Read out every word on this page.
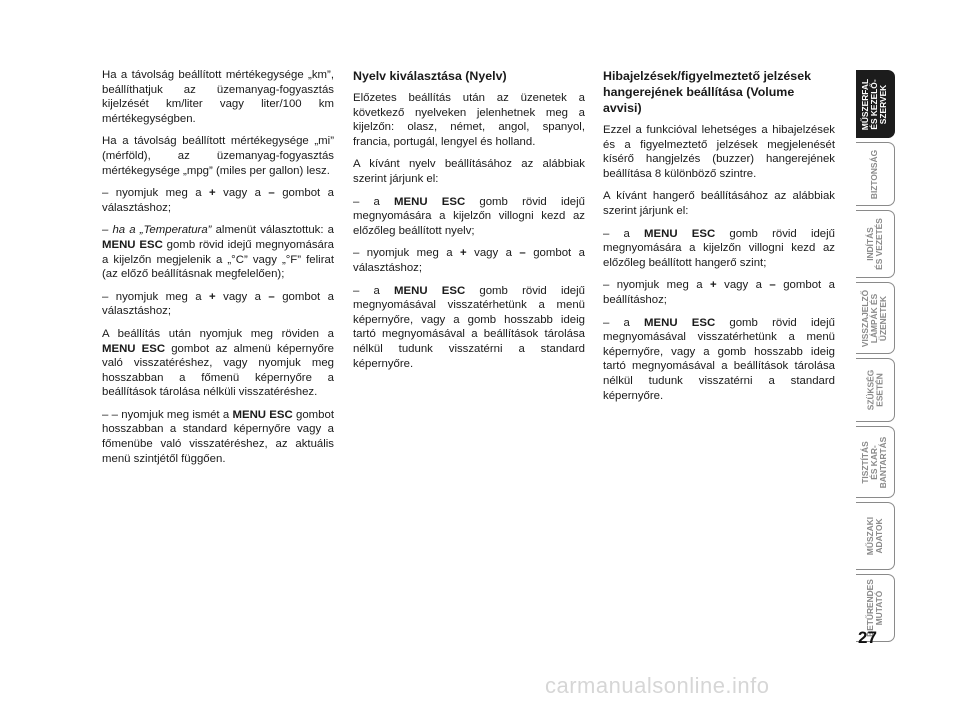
Ha a távolság beállított mértékegysége „km”, beállíthatjuk az üzemanyag-fogyasztás kijelzését km/liter vagy liter/100 km mértékegységben.

Ha a távolság beállított mértékegysége „mi” (mérföld), az üzemanyag-fogyasztás mértékegysége „mpg” (miles per gallon) lesz.

– nyomjuk meg a + vagy a – gombot a választáshoz;

– ha a „Temperatura” almenüt választottuk: a MENU ESC gomb rövid idejű megnyomására a kijelzőn megjelenik a „°C” vagy „°F” felirat (az előző beállításnak megfelelően);

– nyomjuk meg a + vagy a – gombot a választáshoz;

A beállítás után nyomjuk meg röviden a MENU ESC gombot az almenü képernyőre való visszatéréshez, vagy nyomjuk meg hosszabban a főmenü képernyőre a beállítások tárolása nélküli visszatéréshez.

– – nyomjuk meg ismét a MENU ESC gombot hosszabban a standard képernyőre vagy a főmenübe való visszatéréshez, az aktuális menü szintjétől függően.

Nyelv kiválasztása (Nyelv)

Előzetes beállítás után az üzenetek a következő nyelveken jelenhetnek meg a kijelzőn: olasz, német, angol, spanyol, francia, portugál, lengyel és holland.

A kívánt nyelv beállításához az alábbiak szerint járjunk el:

– a MENU ESC gomb rövid idejű megnyomására a kijelzőn villogni kezd az előzőleg beállított nyelv;

– nyomjuk meg a + vagy a – gombot a választáshoz;

– a MENU ESC gomb rövid idejű megnyomásával visszatérhetünk a menü képernyőre, vagy a gomb hosszabb ideig tartó megnyomásával a beállítások tárolása nélkül tudunk visszatérni a standard képernyőre.

Hibajelzések/figyelmeztető jelzések hangerejének beállítása (Volume avvisi)

Ezzel a funkcióval lehetséges a hibajelzések és a figyelmeztető jelzések megjelenését kísérő hangjelzés (buzzer) hangerejének beállítása 8 különböző szintre.

A kívánt hangerő beállításához az alábbiak szerint járjunk el:

– a MENU ESC gomb rövid idejű megnyomására a kijelzőn villogni kezd az előzőleg beállított hangerő szint;

– nyomjuk meg a + vagy a – gombot a beállításhoz;

– a MENU ESC gomb rövid idejű megnyomásával visszatérhetünk a menü képernyőre, vagy a gomb hosszabb ideig tartó megnyomásával a beállítások tárolása nélkül tudunk visszatérni a standard képernyőre.

MŰSZERFAL
ÉS KEZELŐ-
SZERVEK
BIZTONSÁG
INDÍTÁS
ÉS VEZETÉS
VISSZAJELZŐ
LÁMPÁK ÉS
ÜZENETEK
SZÜKSÉG
ESETÉN
TISZTÍTÁS
ÉS KAR-
BANTARTÁS
MŰSZAKI
ADATOK
BETŰRENDES
MUTATÓ
27
carmanualsonline.info
